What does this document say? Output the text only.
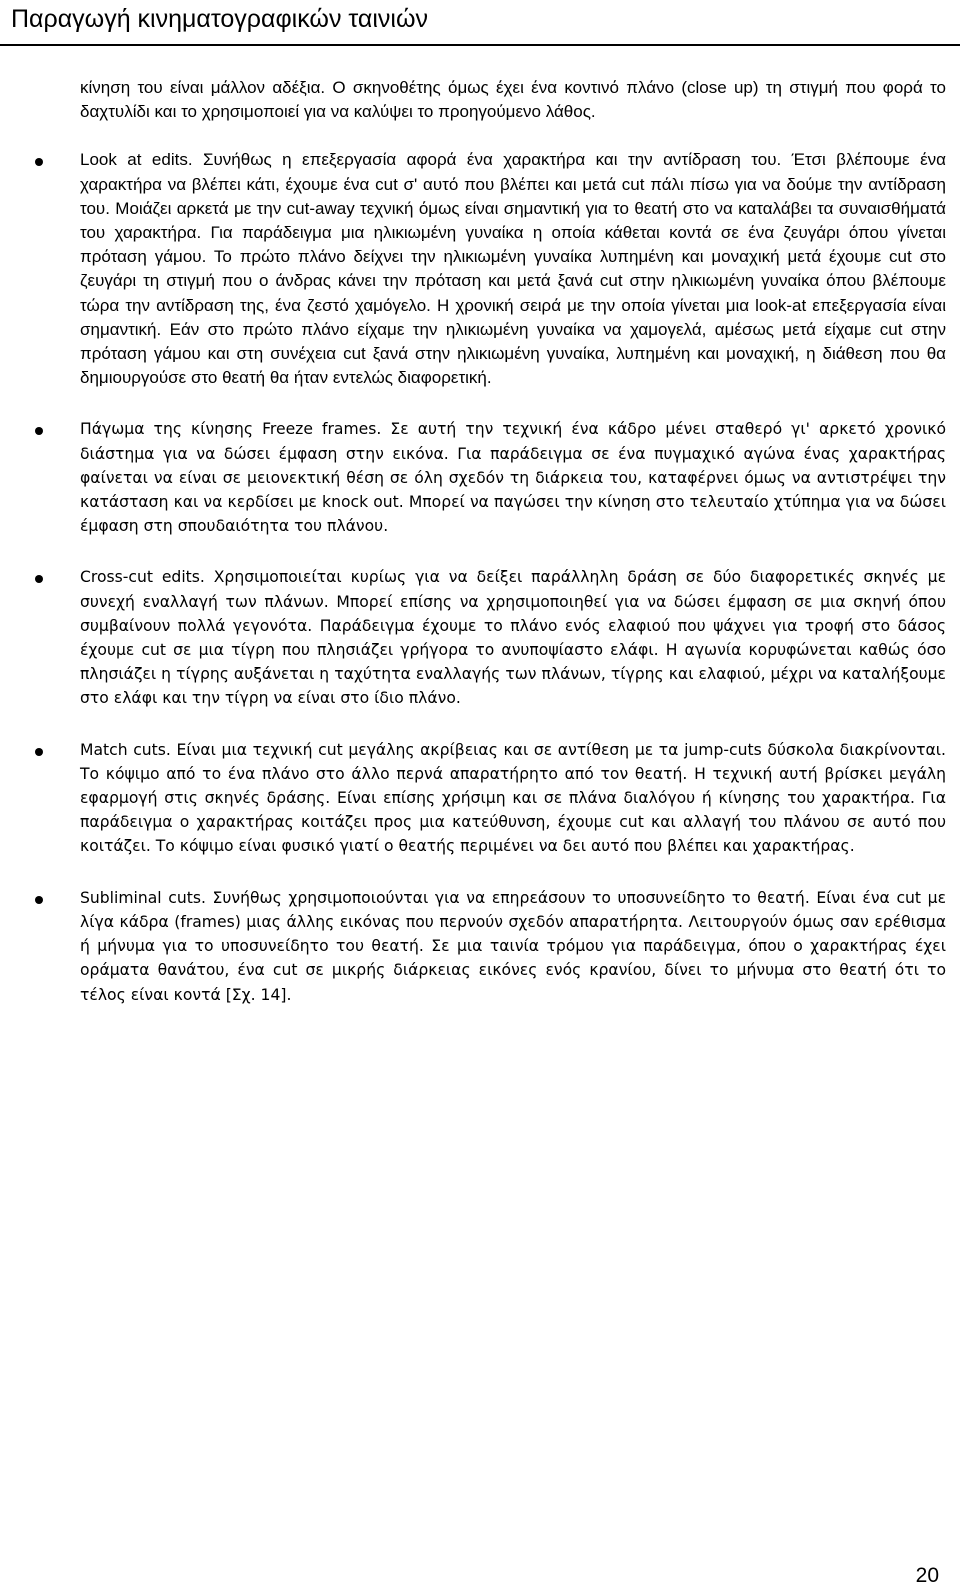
Παραγωγή κινηματογραφικών ταινιών

κίνηση του είναι μάλλον αδέξια. Ο σκηνοθέτης όμως έχει ένα κοντινό πλάνο (close up) τη στιγμή που φορά το δαχτυλίδι και το χρησιμοποιεί για να καλύψει το προηγούμενο λάθος.

Look at edits. Συνήθως η επεξεργασία αφορά ένα χαρακτήρα και την αντίδραση του. Έτσι βλέπουμε ένα χαρακτήρα να βλέπει κάτι, έχουμε ένα cut σ' αυτό που βλέπει και μετά cut πάλι πίσω για να δούμε την αντίδραση του. Μοιάζει αρκετά με την cut-away τεχνική όμως είναι σημαντική για το θεατή στο να καταλάβει τα συναισθήματά του χαρακτήρα. Για παράδειγμα μια ηλικιωμένη γυναίκα η οποία κάθεται κοντά σε ένα ζευγάρι όπου γίνεται πρόταση γάμου. Το πρώτο πλάνο δείχνει την ηλικιωμένη γυναίκα λυπημένη και μοναχική μετά έχουμε cut στο ζευγάρι τη στιγμή που ο άνδρας κάνει την πρόταση και μετά ξανά cut στην ηλικιωμένη γυναίκα όπου βλέπουμε τώρα την αντίδραση της, ένα ζεστό χαμόγελο. Η χρονική σειρά με την οποία γίνεται μια look-at επεξεργασία είναι σημαντική. Εάν στο πρώτο πλάνο είχαμε την ηλικιωμένη γυναίκα να χαμογελά, αμέσως μετά είχαμε cut στην πρόταση γάμου και στη συνέχεια cut ξανά στην ηλικιωμένη γυναίκα, λυπημένη και μοναχική, η διάθεση που θα δημιουργούσε στο θεατή θα ήταν εντελώς διαφορετική.

Πάγωμα της κίνησης Freeze frames. Σε αυτή την τεχνική ένα κάδρο μένει σταθερό γι' αρκετό χρονικό διάστημα για να δώσει έμφαση στην εικόνα. Για παράδειγμα σε ένα πυγμαχικό αγώνα ένας χαρακτήρας φαίνεται να είναι σε μειονεκτική θέση σε όλη σχεδόν τη διάρκεια του, καταφέρνει όμως να αντιστρέψει την κατάσταση και να κερδίσει με knock out. Μπορεί να παγώσει την κίνηση στο τελευταίο χτύπημα για να δώσει έμφαση στη σπουδαιότητα του πλάνου.

Cross-cut edits. Χρησιμοποιείται κυρίως για να δείξει παράλληλη δράση σε δύο διαφορετικές σκηνές με συνεχή εναλλαγή των πλάνων. Μπορεί επίσης να χρησιμοποιηθεί για να δώσει έμφαση σε μια σκηνή όπου συμβαίνουν πολλά γεγονότα. Παράδειγμα έχουμε το πλάνο ενός ελαφιού που ψάχνει για τροφή στο δάσος έχουμε cut σε μια τίγρη που πλησιάζει γρήγορα το ανυποψίαστο ελάφι. Η αγωνία κορυφώνεται καθώς όσο πλησιάζει η τίγρης αυξάνεται η ταχύτητα εναλλαγής των πλάνων, τίγρης και ελαφιού, μέχρι να καταλήξουμε στο ελάφι και την τίγρη να είναι στο ίδιο πλάνο.

Match cuts. Είναι μια τεχνική cut μεγάλης ακρίβειας και σε αντίθεση με τα jump-cuts δύσκολα διακρίνονται. Το κόψιμο από το ένα πλάνο στο άλλο περνά απαρατήρητο από τον θεατή. Η τεχνική αυτή βρίσκει μεγάλη εφαρμογή στις σκηνές δράσης. Είναι επίσης χρήσιμη και σε πλάνα διαλόγου ή κίνησης του χαρακτήρα. Για παράδειγμα ο χαρακτήρας κοιτάζει προς μια κατεύθυνση, έχουμε cut και αλλαγή του πλάνου σε αυτό που κοιτάζει. Το κόψιμο είναι φυσικό γιατί ο θεατής περιμένει να δει αυτό που βλέπει και χαρακτήρας.

Subliminal cuts. Συνήθως χρησιμοποιούνται για να επηρεάσουν το υποσυνείδητο το θεατή. Είναι ένα cut με λίγα κάδρα (frames) μιας άλλης εικόνας που περνούν σχεδόν απαρατήρητα. Λειτουργούν όμως σαν ερέθισμα ή μήνυμα για το υποσυνείδητο του θεατή. Σε μια ταινία τρόμου για παράδειγμα, όπου ο χαρακτήρας έχει οράματα θανάτου, ένα cut σε μικρής διάρκειας εικόνες ενός κρανίου, δίνει το μήνυμα στο θεατή ότι το τέλος είναι κοντά [Σχ. 14].

20
